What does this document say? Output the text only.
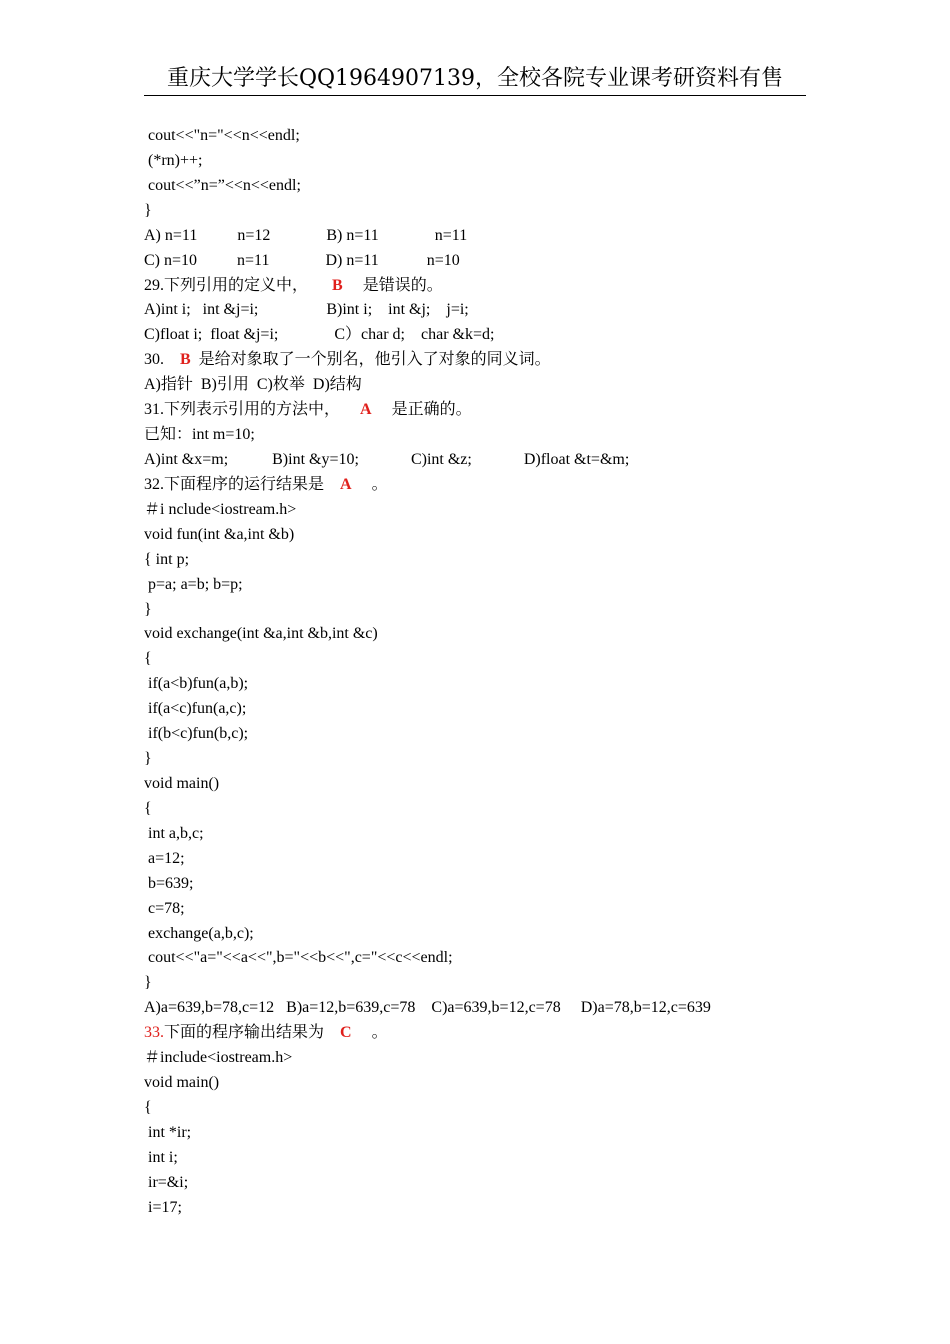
重庆大学学长QQ1964907139，全校各院专业课考研资料有售
cout<<"n="<<n<<endl;
(*rn)++;
cout<<”n=”<<n<<endl;
}
A) n=11          n=12              B) n=11              n=11
C) n=10          n=11              D) n=11            n=10
29.下列引用的定义中， B 是错误的。
A)int i;   int &j=i;                 B)int i;    int &j;    j=i;
C)float i;  float &j=i;              C）char d;    char &k=d;
30. B 是给对象取了一个别名，他引入了对象的同义词。
A)指针  B)引用  C)枚举  D)结构
31.下列表示引用的方法中， A 是正确的。
已知：int m=10;
A)int &x=m;           B)int &y=10;             C)int &z;             D)float &t=&m;
32.下面程序的运行结果是 A 。
＃i nclude<iostream.h>
void fun(int &a,int &b)
{ int p;
p=a; a=b; b=p;
}
void exchange(int &a,int &b,int &c)
{
if(a<b)fun(a,b);
if(a<c)fun(a,c);
if(b<c)fun(b,c);
}
void main()
{
int a,b,c;
a=12;
b=639;
c=78;
exchange(a,b,c);
cout<<"a="<<a<<",b="<<b<<",c="<<c<<endl;
}
A)a=639,b=78,c=12   B)a=12,b=639,c=78    C)a=639,b=12,c=78     D)a=78,b=12,c=639
33.下面的程序输出结果为 C 。
＃include<iostream.h>
void main()
{
int *ir;
int i;
ir=&i;
i=17;
